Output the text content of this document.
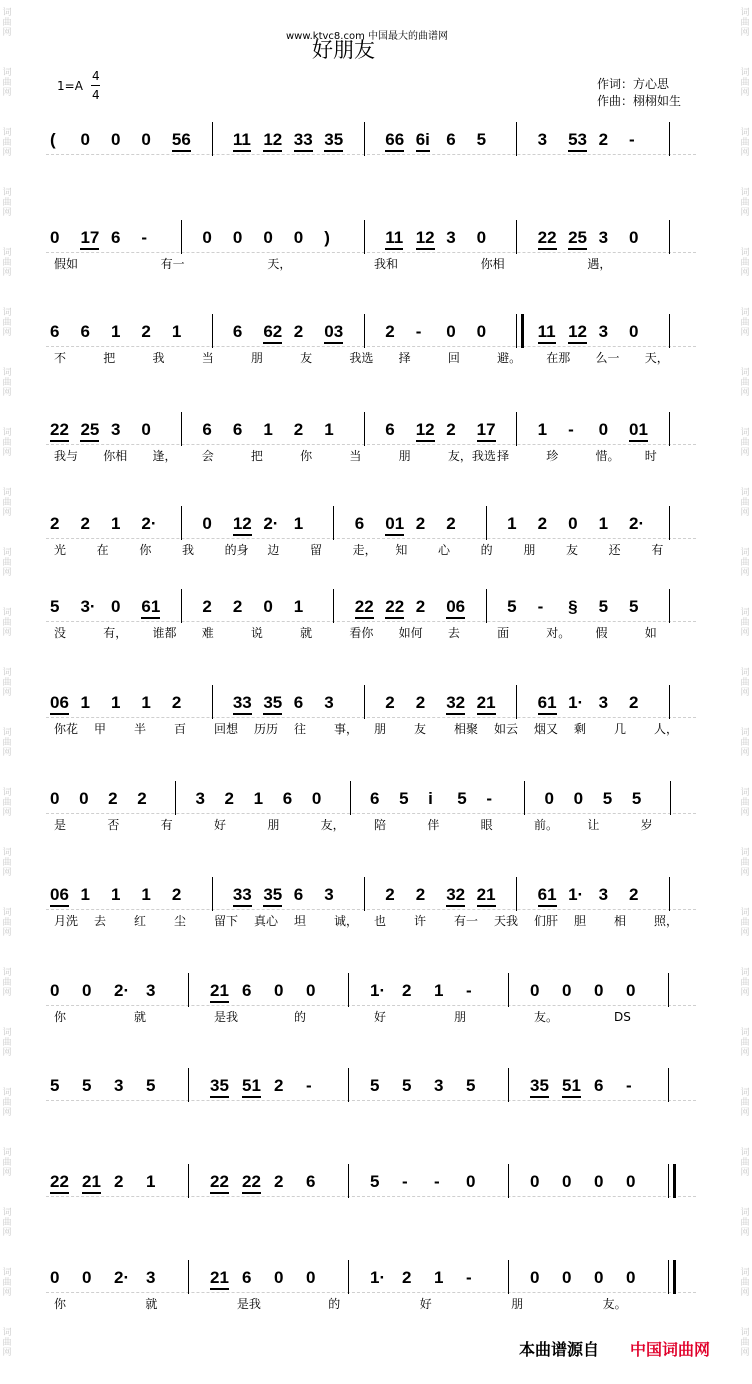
词
曲
网
词
曲
网
词
曲
网
词
曲
网
词
曲
网
词
曲
网
词
曲
网
词
曲
网
词
曲
网
词
曲
网
词
曲
网
词
曲
网
词
曲
网
词
曲
网
词
曲
网
词
曲
网
词
曲
网
词
曲
网
词
曲
网
词
曲
网
词
曲
网
词
曲
网
词
曲
网
词
曲
网
词
曲
网
词
曲
网
词
曲
网
词
曲
网
词
曲
网
词
曲
网
词
曲
网
词
曲
网
词
曲
网
词
曲
网
词
曲
网
词
曲
网
词
曲
网
词
曲
网
词
曲
网
词
曲
网
词
曲
网
词
曲
网
词
曲
网
词
曲
网
词
曲
网
词
曲
网
www.ktvc8.com 中国最大的曲谱网
好朋友
1=A
4
4
作词：方心思
作曲：栩栩如生
( 0 0 0 56 11 12 33 35 66 6i 6 5	3 53 2 -
0 17 6 -	0 0 0 0 )	11 12 3 0	22 25 3 0
假如	有一	天，	我和	你相	遇，
6 6 1 2 1	6 62 2 03 2 - 0 0	11 12 3 0
不	把	我	当	朋	友	我选 择	回	避。 在那 么一 天，
22 25 3 0	6 6 1 2 1	6 12 2 17 1 - 0 01
我与 你相 逢， 会	把	你	当	朋	友，我选 择	珍	惜。 时
2 2 1 2·	0 12 2· 1	6 01 2 2	1 2 0 1 2·
光	在	你	我	的身 边	留	走， 知	心	的	朋	友	还	有
5 3· 0 61 2 2 0 1	22 22 2 06 5 - § 5 5
没	有， 谁都 难	说	就	看你 如何 去	面	对。 假	如
06 1 1 1 2	33 35 6 3	2 2 32 21 61 1· 3 2
你花 甲 半 百 回想 历历 往 事， 朋 友 相聚 如云 烟又 剩 几 人，
0 0 2 2	3 2 1 6 0	6 5 i 5 -	0 0 5 5
是	否	有	好	朋	友， 陪	伴	眼	前。 让	岁
06 1 1 1 2	33 35 6 3	2 2 32 21 61 1· 3 2
月洗 去 红 尘 留下 真心 坦 诚， 也 许 有一 天我 们肝 胆 相 照，
0 0 2· 3	21 6 0 0	1· 2 1 -	0 0 0 0
你	就	是我	的	好	朋	友。	DS
5 5 3 5	35 51 2 -	5 5 3 5	35 51 6 -
22 21 2 1	22 22 2 6	5 - - 0	0 0 0 0
0 0 2· 3	21 6 0 0	1· 2 1 -	0 0 0 0
你	就	是我	的	好	朋	友。
本曲谱源自 中国词曲网
